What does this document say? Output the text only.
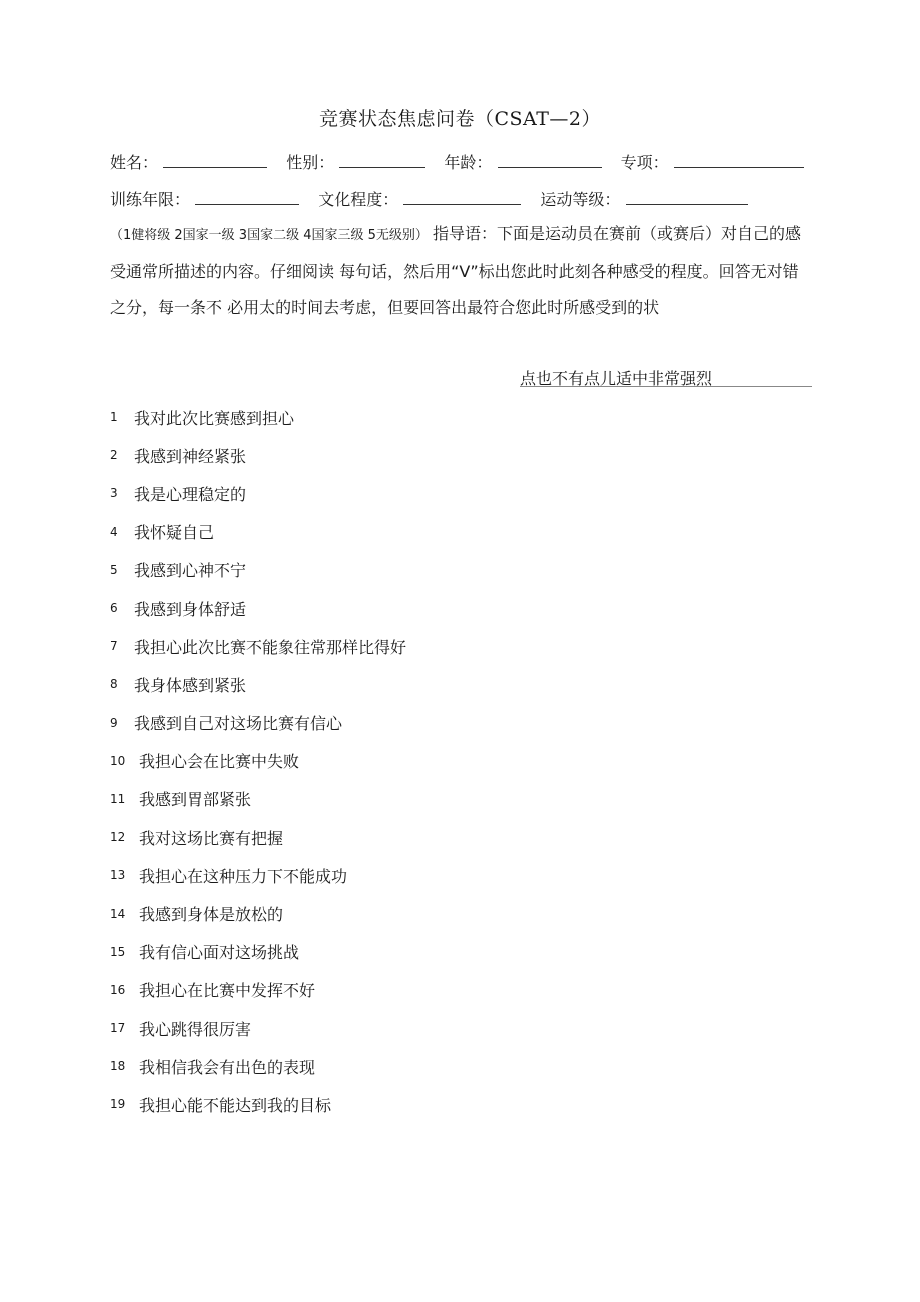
竞赛状态焦虑问卷（CSAT—2）
姓名：	性别：	年龄：	专项：
训练年限：	文化程度：	运动等级：
（1健将级 2国家一级 3国家二级 4国家三级 5无级别） 指导语：下面是运动员在赛前（或赛后）对自己的感受通常所描述的内容。仔细阅读 每句话，然后用“V”标出您此时此刻各种感受的程度。回答无对错之分，每一条不 必用太的时间去考虑，但要回答出最符合您此时所感受到的状
点也不有点儿适中非常强烈
1	我对此次比赛感到担心
2	我感到神经紧张
3	我是心理稳定的
4	我怀疑自己
5	我感到心神不宁
6	我感到身体舒适
7	我担心此次比赛不能象往常那样比得好
8	我身体感到紧张
9	我感到自己对这场比赛有信心
10 我担心会在比赛中失败
11 我感到胃部紧张
12 我对这场比赛有把握
13 我担心在这种压力下不能成功
14 我感到身体是放松的
15 我有信心面对这场挑战
16 我担心在比赛中发挥不好
17 我心跳得很厉害
18 我相信我会有出色的表现
19 我担心能不能达到我的目标
